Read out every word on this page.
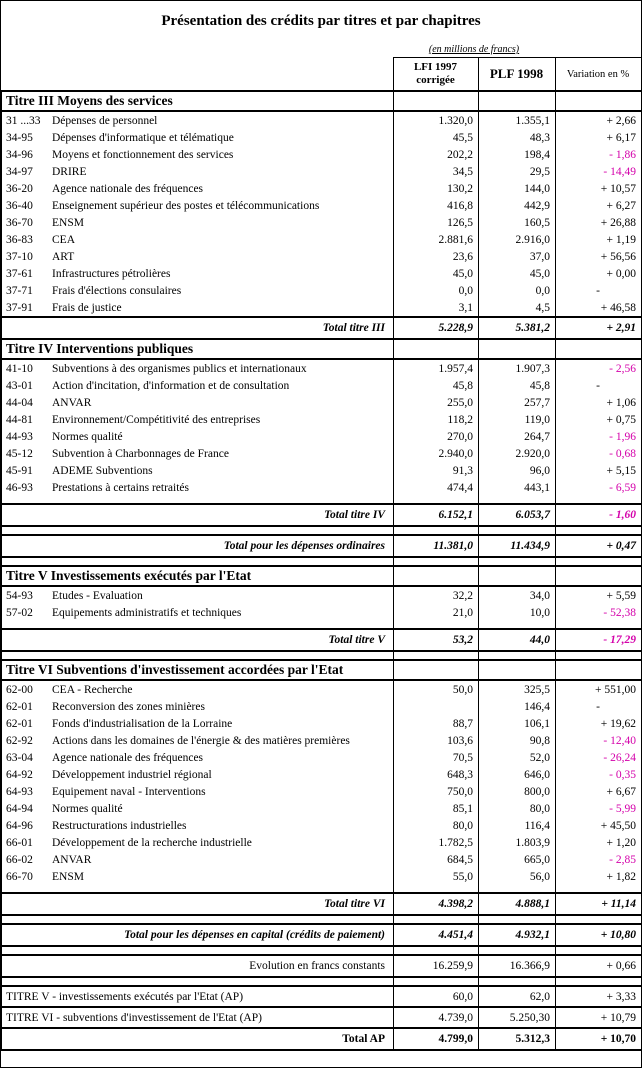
Présentation des crédits par titres et par chapitres
	(en millions de francs)		

	LFI 1997
corrigée	PLF 1998	Variation en %
Titre III Moyens des services			
31 ...33 Dépenses de personnel	1.320,0	1.355,1	+ 2,66
34-95 Dépenses d'informatique et télématique	45,5	48,3	+ 6,17
34-96 Moyens et fonctionnement des services	202,2	198,4	- 1,86
34-97 DRIRE	34,5	29,5	- 14,49
36-20 Agence nationale des fréquences	130,2	144,0	+ 10,57
36-40 Enseignement supérieur des postes et télécommunications	416,8	442,9	+ 6,27
36-70 ENSM	126,5	160,5	+ 26,88
36-83 CEA	2.881,6	2.916,0	+ 1,19
37-10 ART	23,6	37,0	+ 56,56
37-61 Infrastructures pétrolières	45,0	45,0	+ 0,00
37-71 Frais d'élections consulaires	0,0	0,0	-
37-91 Frais de justice	3,1	4,5	+ 46,58
Total titre III	5.228,9	5.381,2	+ 2,91
Titre IV Interventions publiques			
41-10 Subventions à des organismes publics et internationaux	1.957,4	1.907,3	- 2,56
43-01 Action d'incitation, d'information et de consultation	45,8	45,8	-
44-04 ANVAR	255,0	257,7	+ 1,06
44-81 Environnement/Compétitivité des entreprises	118,2	119,0	+ 0,75
44-93 Normes qualité	270,0	264,7	- 1,96
45-12 Subvention à Charbonnages de France	2.940,0	2.920,0	- 0,68
45-91 ADEME Subventions	91,3	96,0	+ 5,15
46-93 Prestations à certains retraités	474,4	443,1	- 6,59

Total titre IV	6.152,1	6.053,7	- 1,60

Total pour les dépenses ordinaires	11.381,0	11.434,9	+ 0,47

Titre V Investissements exécutés par l'Etat			
54-93 Etudes - Evaluation	32,2	34,0	+ 5,59
57-02 Equipements administratifs et techniques	21,0	10,0	- 52,38

Total titre V	53,2	44,0	- 17,29

Titre VI Subventions d'investissement accordées par l'Etat			
62-00 CEA - Recherche	50,0	325,5	+ 551,00
62-01 Reconversion des zones minières		146,4	-
62-01 Fonds d'industrialisation de la Lorraine	88,7	106,1	+ 19,62
62-92 Actions dans les domaines de l'énergie & des matières premières	103,6	90,8	- 12,40
63-04 Agence nationale des fréquences	70,5	52,0	- 26,24
64-92 Développement industriel régional	648,3	646,0	- 0,35
64-93 Equipement naval - Interventions	750,0	800,0	+ 6,67
64-94 Normes qualité	85,1	80,0	- 5,99
64-96 Restructurations industrielles	80,0	116,4	+ 45,50
66-01 Développement de la recherche industrielle	1.782,5	1.803,9	+ 1,20
66-02 ANVAR	684,5	665,0	- 2,85
66-70 ENSM	55,0	56,0	+ 1,82

Total titre VI	4.398,2	4.888,1	+ 11,14

Total pour les dépenses en capital (crédits de paiement)	4.451,4	4.932,1	+ 10,80

Evolution en francs constants	16.259,9	16.366,9	+ 0,66

TITRE V - investissements exécutés par l'Etat (AP)	60,0	62,0	+ 3,33
TITRE VI - subventions d'investissement de l'Etat (AP)	4.739,0	5.250,30	+ 10,79
Total AP	4.799,0	5.312,3	+ 10,70
